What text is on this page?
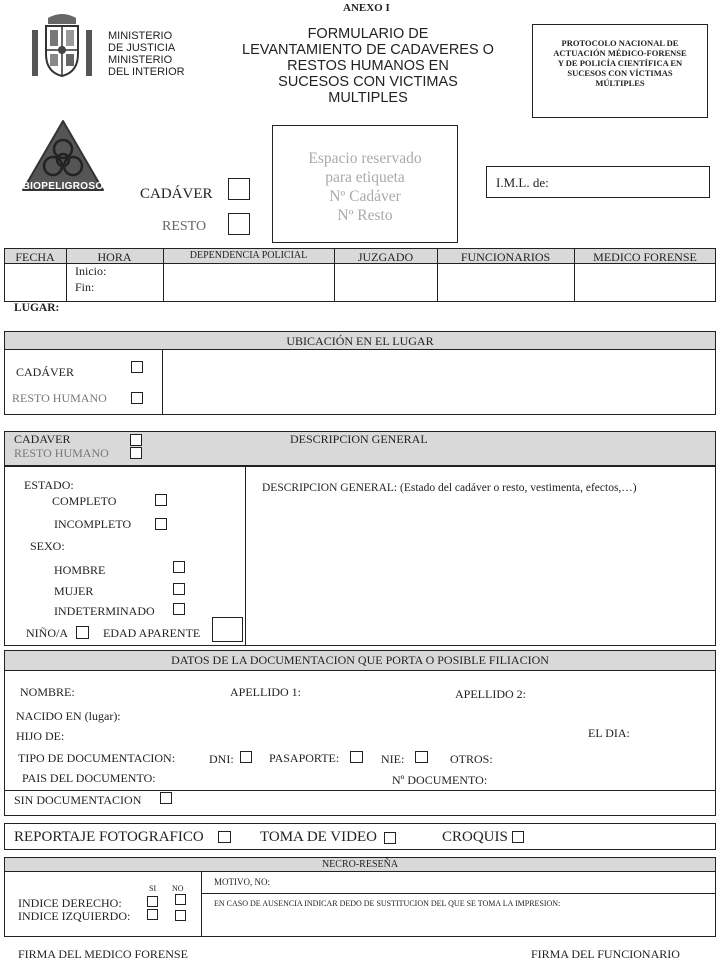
ANEXO I
MINISTERIO
DE JUSTICIA
MINISTERIO
DEL INTERIOR
FORMULARIO DE
LEVANTAMIENTO DE CADAVERES O
RESTOS HUMANOS EN
SUCESOS CON VICTIMAS
MULTIPLES
PROTOCOLO NACIONAL DE
ACTUACIÓN MÉDICO-FORENSE
Y DE POLICÍA CIENTÍFICA EN
SUCESOS CON VÍCTIMAS
MÚLTIPLES
BIOPELIGROSO	CADÁVER
RESTO
Espacio reservado
para etiqueta
Nº Cadáver
Nº Resto
I.M.L. de:
FECHA	HORA	DEPENDENCIA POLICIAL	JUZGADO	FUNCIONARIOS	MEDICO FORENSE
Inicio:
Fin:
LUGAR:
UBICACIÓN EN EL LUGAR
CADÁVER
RESTO HUMANO
CADAVER
RESTO HUMANO
DESCRIPCION GENERAL
ESTADO:
COMPLETO
INCOMPLETO
SEXO:
HOMBRE
MUJER
INDETERMINADO
NIÑO/A	EDAD APARENTE
DESCRIPCION GENERAL: (Estado del cadáver o resto, vestimenta, efectos,…)
DATOS DE LA DOCUMENTACION QUE PORTA O POSIBLE FILIACION
NOMBRE:	APELLIDO 1:	APELLIDO 2:
NACIDO EN (lugar):
HIJO DE:	EL DIA:
TIPO DE DOCUMENTACION:	DNI:	PASAPORTE:	NIE:	OTROS:
PAIS DEL DOCUMENTO:	Nº DOCUMENTO:
SIN DOCUMENTACION
REPORTAJE FOTOGRAFICO	TOMA DE VIDEO	CROQUIS
NECRO-RESEÑA
SI NO
INDICE DERECHO:
INDICE IZQUIERDO:
MOTIVO, NO:
EN CASO DE AUSENCIA INDICAR DEDO DE SUSTITUCION DEL QUE SE TOMA LA IMPRESION:
FIRMA DEL MEDICO FORENSE	FIRMA DEL FUNCIONARIO
